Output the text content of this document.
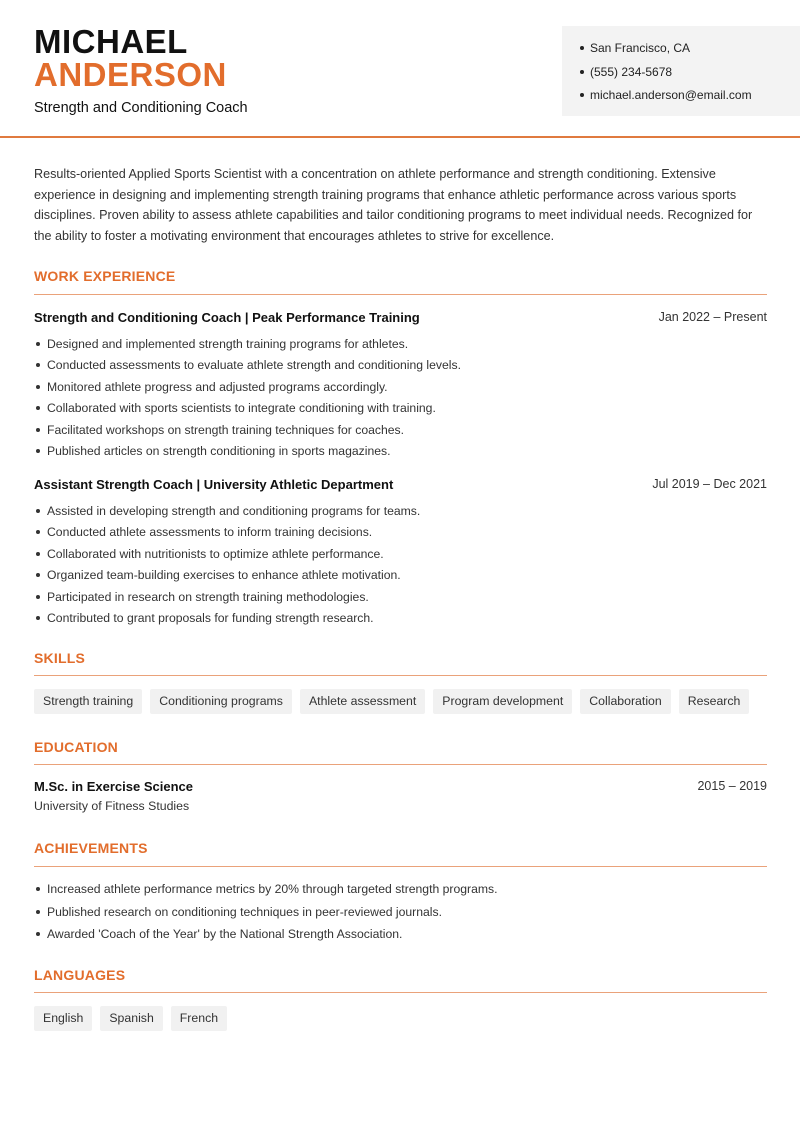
MICHAEL
ANDERSON
Strength and Conditioning Coach
San Francisco, CA
(555) 234-5678
michael.anderson@email.com

Results-oriented Applied Sports Scientist with a concentration on athlete performance and strength conditioning. Extensive experience in designing and implementing strength training programs that enhance athletic performance across various sports disciplines. Proven ability to assess athlete capabilities and tailor conditioning programs to meet individual needs. Recognized for the ability to foster a motivating environment that encourages athletes to strive for excellence.

WORK EXPERIENCE
Strength and Conditioning Coach | Peak Performance Training	Jan 2022 – Present
Designed and implemented strength training programs for athletes.
Conducted assessments to evaluate athlete strength and conditioning levels.
Monitored athlete progress and adjusted programs accordingly.
Collaborated with sports scientists to integrate conditioning with training.
Facilitated workshops on strength training techniques for coaches.
Published articles on strength conditioning in sports magazines.
Assistant Strength Coach | University Athletic Department	Jul 2019 – Dec 2021
Assisted in developing strength and conditioning programs for teams.
Conducted athlete assessments to inform training decisions.
Collaborated with nutritionists to optimize athlete performance.
Organized team-building exercises to enhance athlete motivation.
Participated in research on strength training methodologies.
Contributed to grant proposals for funding strength research.
SKILLS
Strength training	Conditioning programs	Athlete assessment	Program development	Collaboration	Research
EDUCATION
M.Sc. in Exercise Science
University of Fitness Studies
2015 – 2019
ACHIEVEMENTS
Increased athlete performance metrics by 20% through targeted strength programs.
Published research on conditioning techniques in peer-reviewed journals.
Awarded 'Coach of the Year' by the National Strength Association.
LANGUAGES
English	Spanish	French
